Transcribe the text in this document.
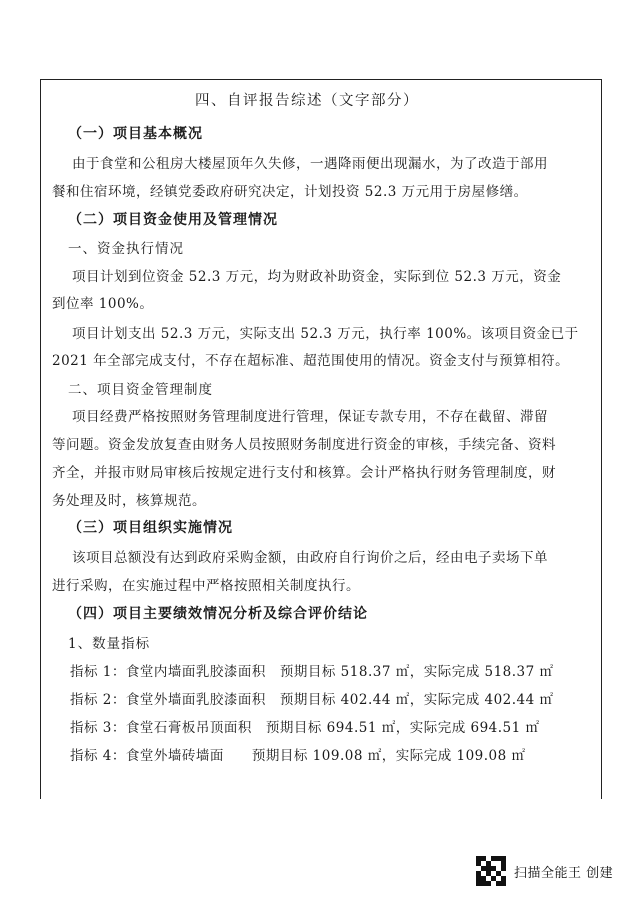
四、自评报告综述（文字部分）
（一）项目基本概况
由于食堂和公租房大楼屋顶年久失修，一遇降雨便出现漏水，为了改造于部用
餐和住宿环境，经镇党委政府研究决定，计划投资 52.3 万元用于房屋修缮。
（二）项目资金使用及管理情况
一、资金执行情况
项目计划到位资金 52.3 万元，均为财政补助资金，实际到位 52.3 万元，资金
到位率 100%。
项目计划支出 52.3 万元，实际支出 52.3 万元，执行率 100%。该项目资金已于
2021 年全部完成支付，不存在超标准、超范围使用的情况。资金支付与预算相符。
二、项目资金管理制度
项目经费严格按照财务管理制度进行管理，保证专款专用，不存在截留、滞留
等问题。资金发放复查由财务人员按照财务制度进行资金的审核，手续完备、资料
齐全，并报市财局审核后按规定进行支付和核算。会计严格执行财务管理制度，财
务处理及时，核算规范。
（三）项目组织实施情况
该项目总额没有达到政府采购金额，由政府自行询价之后，经由电子卖场下单
进行采购，在实施过程中严格按照相关制度执行。
（四）项目主要绩效情况分析及综合评价结论
1、数量指标
指标 1：食堂内墙面乳胶漆面积　预期目标 518.37 ㎡，实际完成 518.37 ㎡
指标 2：食堂外墙面乳胶漆面积　预期目标 402.44 ㎡，实际完成 402.44 ㎡
指标 3：食堂石膏板吊顶面积　预期目标 694.51 ㎡，实际完成 694.51 ㎡
指标 4：食堂外墙砖墙面　　预期目标 109.08 ㎡，实际完成 109.08 ㎡
扫描全能王 创建
